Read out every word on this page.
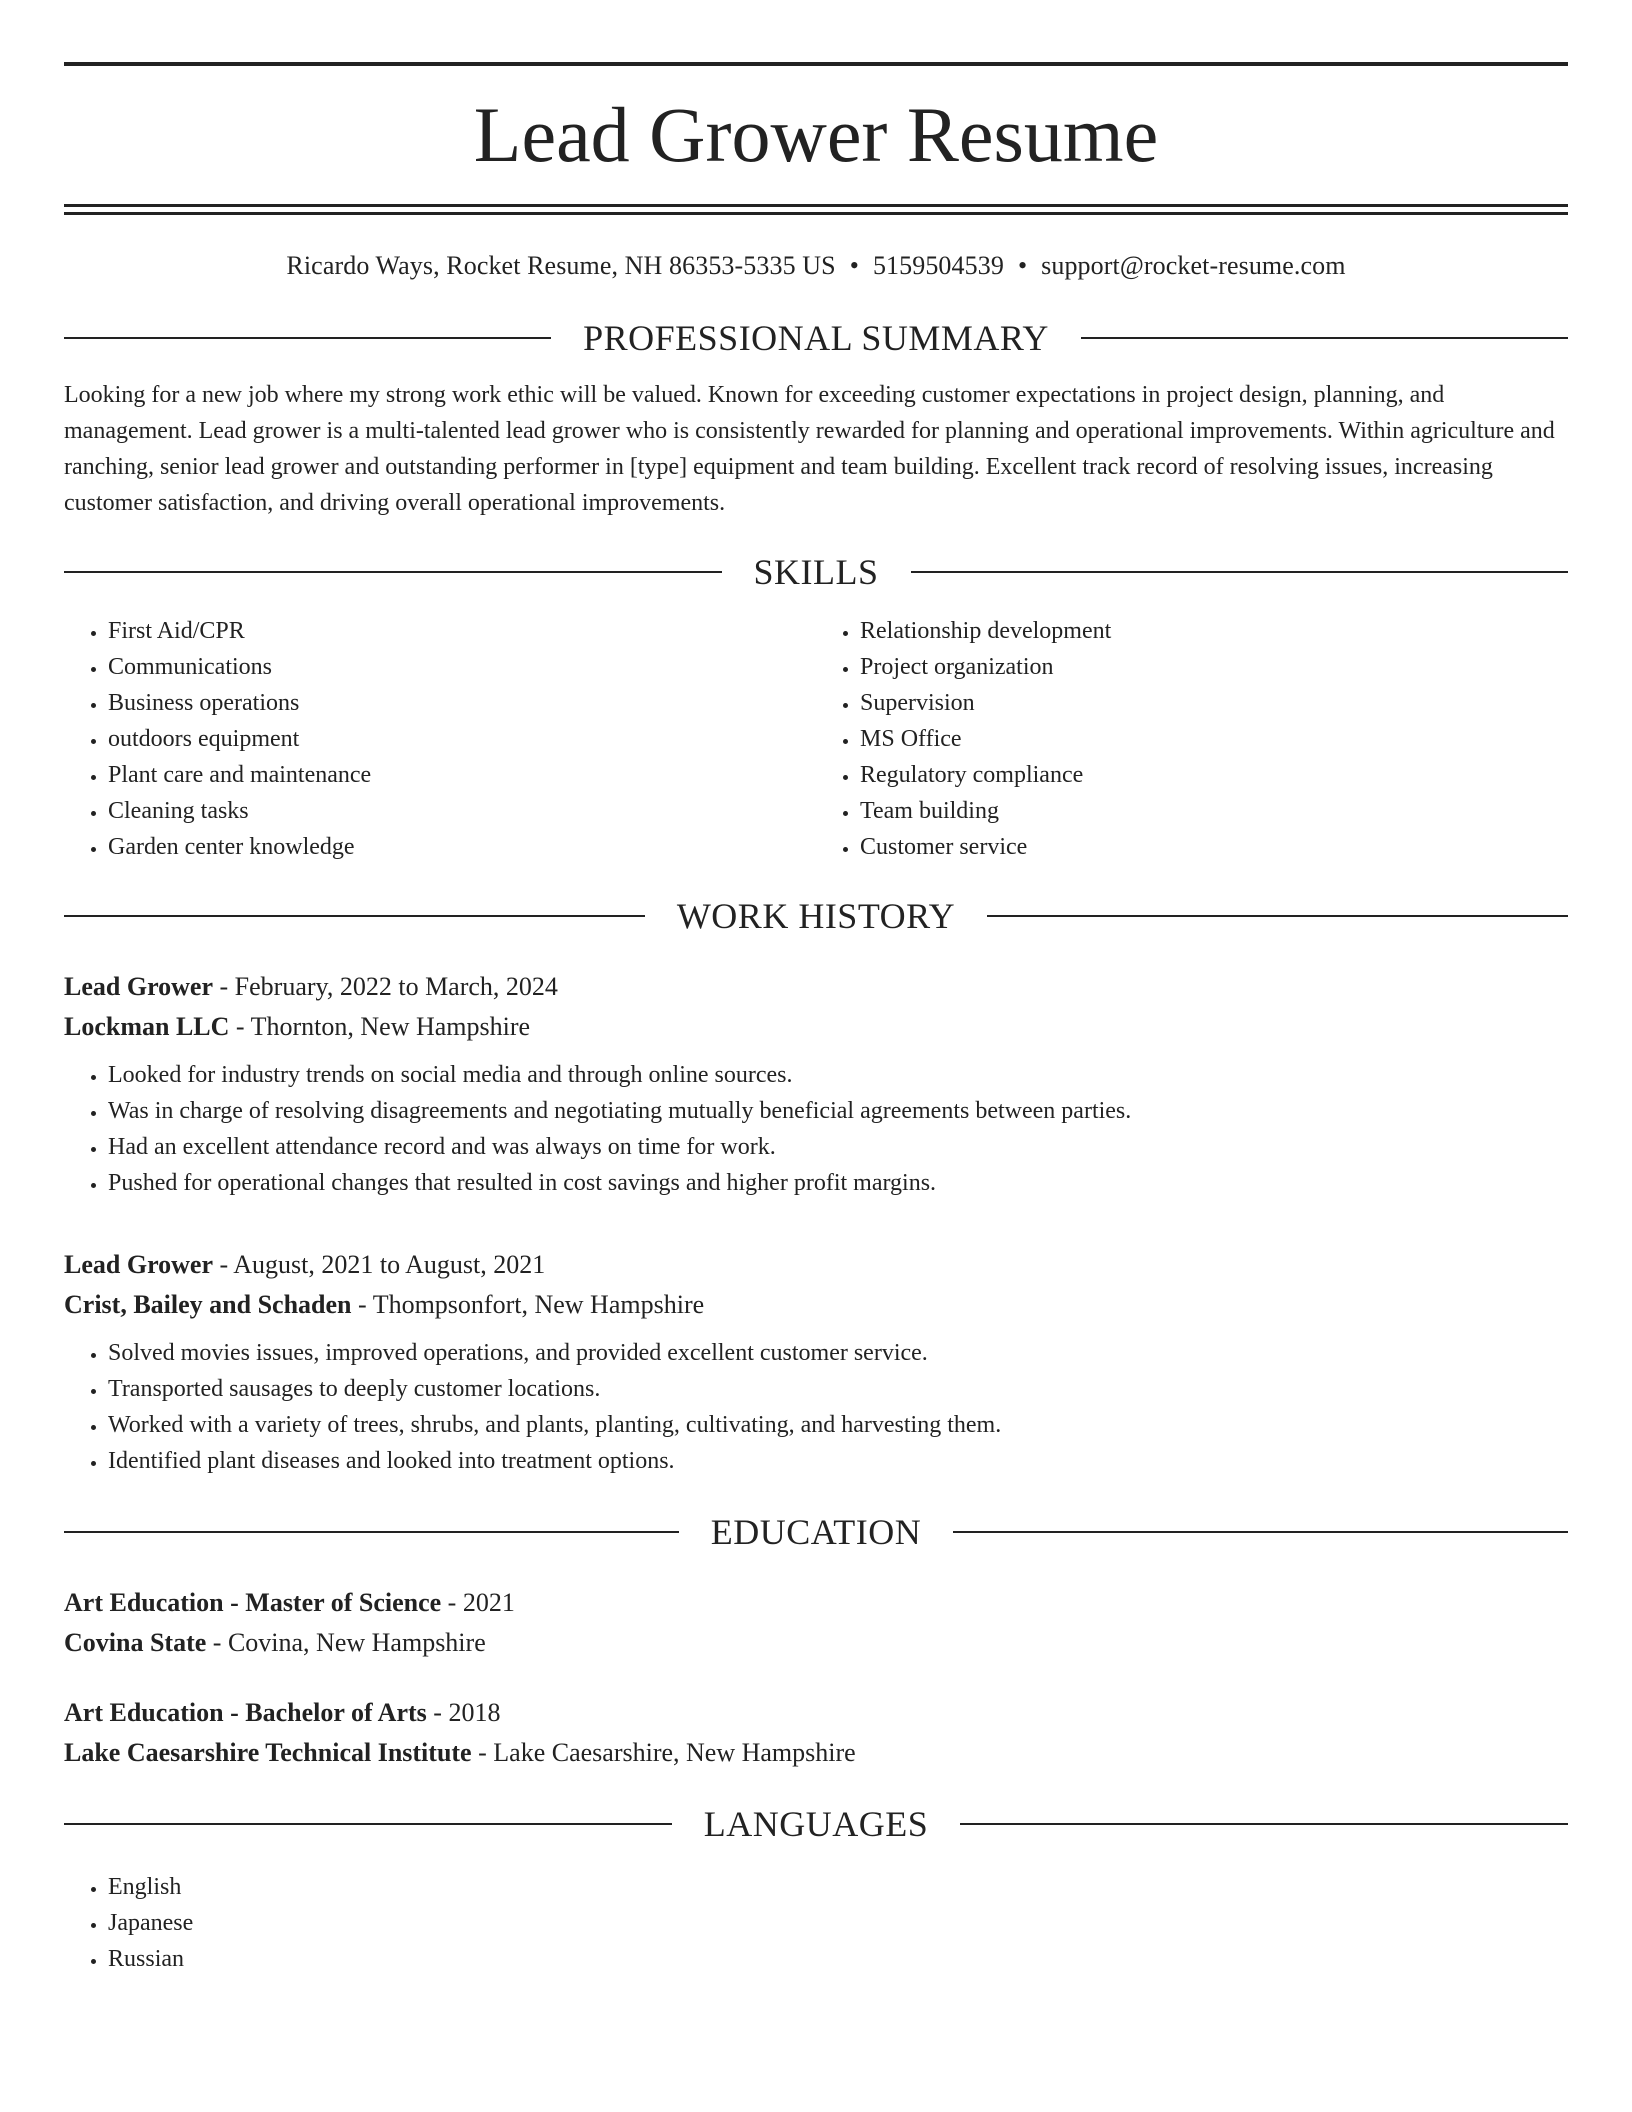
Lead Grower Resume
Ricardo Ways, Rocket Resume, NH 86353-5335 US • 5159504539 • support@rocket-resume.com
PROFESSIONAL SUMMARY
Looking for a new job where my strong work ethic will be valued. Known for exceeding customer expectations in project design, planning, and management. Lead grower is a multi-talented lead grower who is consistently rewarded for planning and operational improvements. Within agriculture and ranching, senior lead grower and outstanding performer in [type] equipment and team building. Excellent track record of resolving issues, increasing customer satisfaction, and driving overall operational improvements.
SKILLS
• First Aid/CPR
• Communications
• Business operations
• outdoors equipment
• Plant care and maintenance
• Cleaning tasks
• Garden center knowledge
• Relationship development
• Project organization
• Supervision
• MS Office
• Regulatory compliance
• Team building
• Customer service
WORK HISTORY
Lead Grower - February, 2022 to March, 2024
Lockman LLC - Thornton, New Hampshire
• Looked for industry trends on social media and through online sources.
• Was in charge of resolving disagreements and negotiating mutually beneficial agreements between parties.
• Had an excellent attendance record and was always on time for work.
• Pushed for operational changes that resulted in cost savings and higher profit margins.
Lead Grower - August, 2021 to August, 2021
Crist, Bailey and Schaden - Thompsonfort, New Hampshire
• Solved movies issues, improved operations, and provided excellent customer service.
• Transported sausages to deeply customer locations.
• Worked with a variety of trees, shrubs, and plants, planting, cultivating, and harvesting them.
• Identified plant diseases and looked into treatment options.
EDUCATION
Art Education - Master of Science - 2021
Covina State - Covina, New Hampshire
Art Education - Bachelor of Arts - 2018
Lake Caesarshire Technical Institute - Lake Caesarshire, New Hampshire
LANGUAGES
• English
• Japanese
• Russian
